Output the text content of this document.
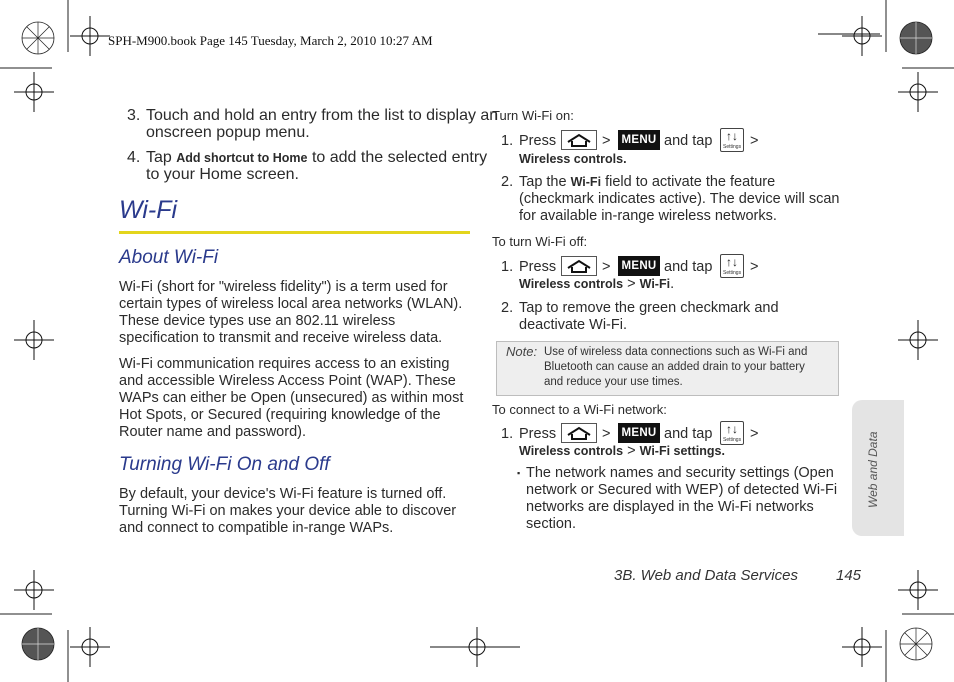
SPH-M900.book Page 145 Tuesday, March 2, 2010 10:27 AM
3. Touch and hold an entry from the list to display an
onscreen popup menu.
4. Tap Add shortcut to Home to add the selected entry
to your Home screen.
Wi-Fi
About Wi-Fi
Wi-Fi (short for "wireless fidelity") is a term used for
certain types of wireless local area networks (WLAN).
These device types use an 802.11 wireless
specification to transmit and receive wireless data.
Wi-Fi communication requires access to an existing
and accessible Wireless Access Point (WAP). These
WAPs can either be Open (unsecured) as within most
Hot Spots, or Secured (requiring knowledge of the
Router name and password).
Turning Wi-Fi On and Off
By default, your device's Wi-Fi feature is turned off.
Turning Wi-Fi on makes your device able to discover
and connect to compatible in-range WAPs.
Turn Wi-Fi on:
1. Press	> MENU and tap ↑↓
Settings >
Wireless controls.
2. Tap the Wi-Fi field to activate the feature
(checkmark indicates active). The device will scan
for available in-range wireless networks.
To turn Wi-Fi off:
1. Press	> MENU and tap ↑↓
Settings >
Wireless controls > Wi-Fi.
2. Tap to remove the green checkmark and
deactivate Wi-Fi.
Note: Use of wireless data connections such as Wi-Fi and
Bluetooth can cause an added drain to your battery
and reduce your use times.
To connect to a Wi-Fi network:
1. Press	> MENU and tap ↑↓
Settings >
Wireless controls > Wi-Fi settings.
▪ The network names and security settings (Open
network or Secured with WEP) of detected Wi-Fi
networks are displayed in the Wi-Fi networks
section.
Web and Data
3B. Web and Data Services	145
